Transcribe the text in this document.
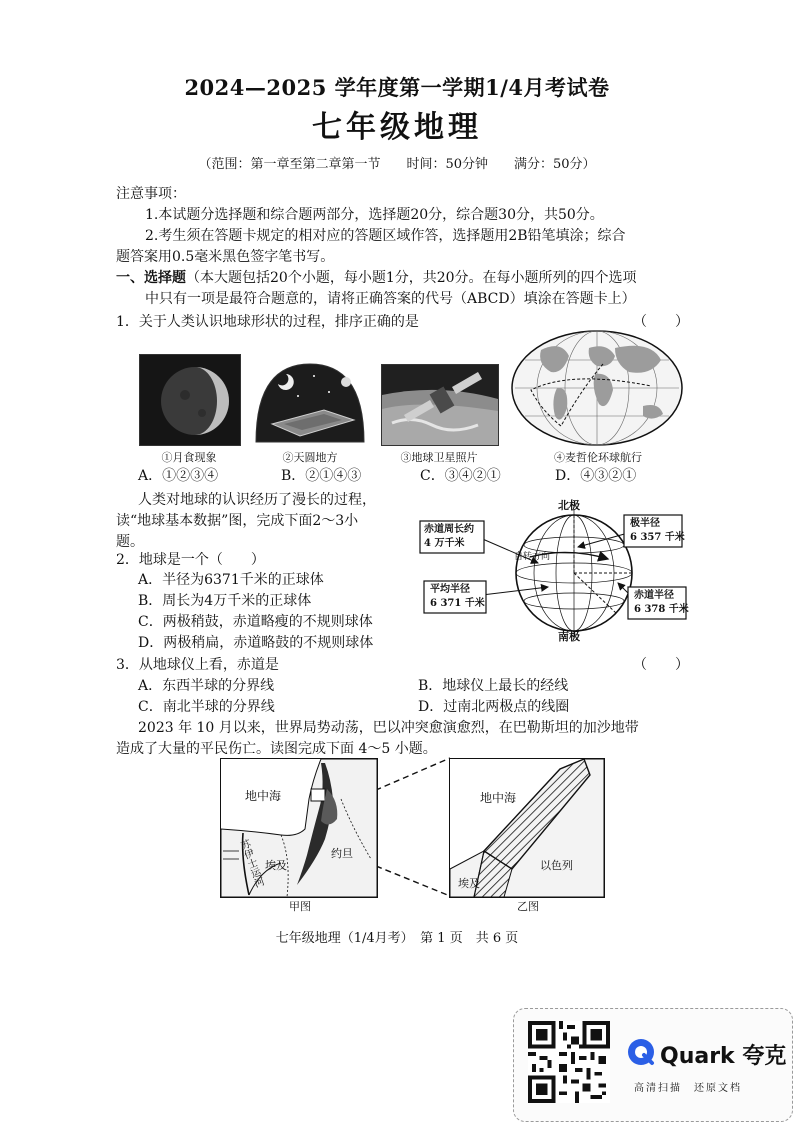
2024—2025 学年度第一学期1/4月考试卷
七年级地理
（范围：第一章至第二章第一节　　时间：50分钟　　满分：50分）
注意事项：
1.本试题分选择题和综合题两部分，选择题20分，综合题30分，共50分。
2.考生须在答题卡规定的相对应的答题区域作答，选择题用2B铅笔填涂；综合
题答案用0.5毫米黑色签字笔书写。
一、选择题（本大题包括20个小题，每小题1分，共20分。在每小题所列的四个选项
中只有一项是最符合题意的，请将正确答案的代号（ABCD）填涂在答题卡上）
1．关于人类认识地球形状的过程，排序正确的是	（　　）
①月食现象	②天圆地方	③地球卫星照片	④麦哲伦环球航行
A．①②③④	B．②①④③	C．③④②①	D．④③②①
人类对地球的认识经历了漫长的过程，
读“地球基本数据”图，完成下面2～3小
题。
北极
南极
赤道周长约
4 万千米
自转方向
极半径
6 357 千米
平均半径
6 371 千米
赤道半径
6 378 千米
2．地球是一个（　　）
A．半径为6371千米的正球体
B．周长为4万千米的正球体
C．两极稍鼓，赤道略瘦的不规则球体
D．两极稍扁，赤道略鼓的不规则球体
3．从地球仪上看，赤道是	（　　）
A．东西半球的分界线	B．地球仪上最长的经线
C．南北半球的分界线	D．过南北两极点的线圈
2023 年 10 月以来，世界局势动荡，巴以冲突愈演愈烈，在巴勒斯坦的加沙地带
造成了大量的平民伤亡。读图完成下面 4～5 小题。
地中海
苏伊士运河 埃及
约旦
甲图
地中海
埃及
以色列
乙图
七年级地理（1/4月考）　第 1 页　共 6 页
Quark 夸克
高清扫描　还原文档
